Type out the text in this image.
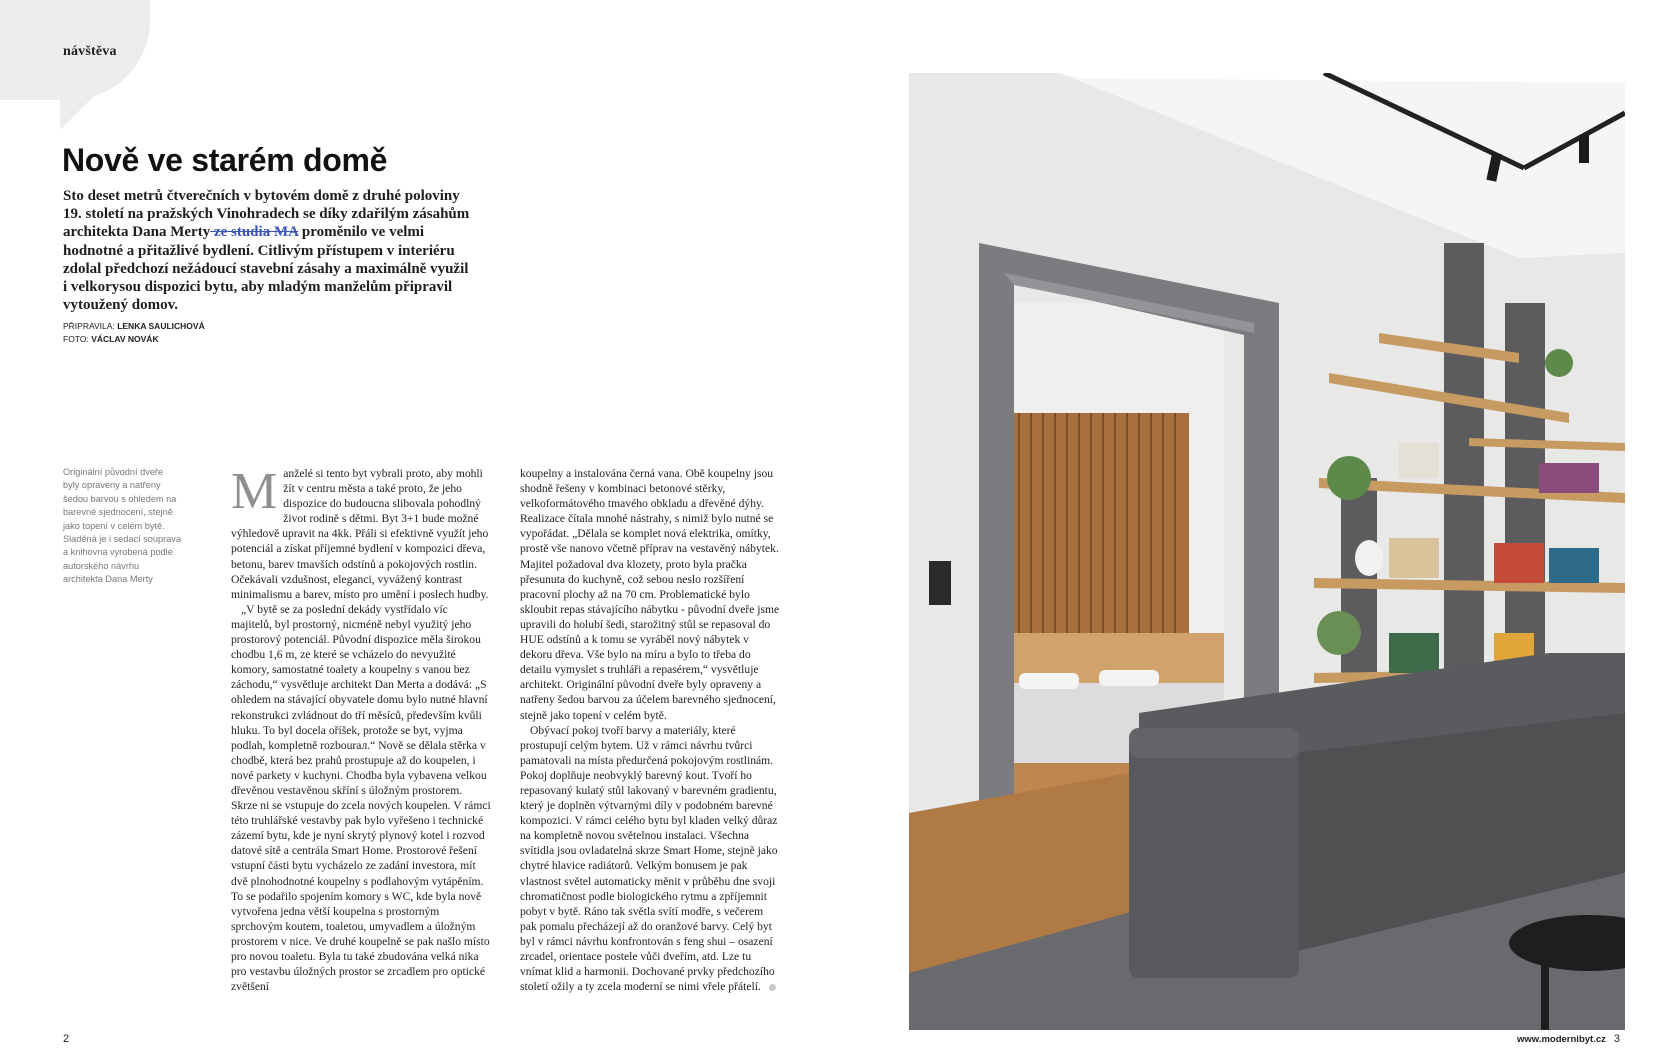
návštěva
Nově ve starém domě

Sto deset metrů čtverečních v bytovém domě z druhé poloviny 19. století na pražských Vinohradech se díky zdařilým zásahům architekta Dana Merty ze studia MA proměnilo ve velmi hodnotné a přitažlivé bydlení. Citlivým přístupem v interiéru zdolal předchozí nežádoucí stavební zásahy a maximálně využil i velkorysou dispozici bytu, aby mladým manželům připravil vytoužený domov.

PŘIPRAVILA: LENKA SAULICHOVÁ
FOTO: VÁCLAV NOVÁK

Originální původní dveře byly opraveny a natřeny šedou barvou s ohledem na barevné sjednocení, stejně jako topení v celém bytě. Sladěná je i sedací souprava a knihovna vyrobená podle autorského návrhu architekta Dana Merty

Manželé si tento byt vybrali proto, aby mohli žít v centru města a také proto, že jeho dispozice do budoucna slibovala pohodlný život rodině s dětmi. Byt 3+1 bude možné výhledově upravit na 4kk. Přáli si efektivně využít jeho potenciál a získat příjemné bydlení v kompozici dřeva, betonu, barev tmavších odstínů a pokojových rostlin. Očekávali vzdušnost, eleganci, vyvážený kontrast minimalismu a barev, místo pro umění i poslech hudby.

„V bytě se za poslední dekády vystřídalo víc majitelů, byl prostorný, nicméně nebyl využitý jeho prostorový potenciál. Původní dispozice měla širokou chodbu 1,6 m, ze které se vcházelo do nevyužité komory, samostatné toalety a koupelny s vanou bez záchodu,“ vysvětluje architekt Dan Merta a dodává: „S ohledem na stávající obyvatele domu bylo nutné hlavní rekonstrukci zvládnout do tří měsíců, především kvůli hluku. To byl docela oříšek, protože se byt, vyjma podlah, kompletně rozbourал.“ Nově se dělala stěrka v chodbě, která bez prahů prostupuje až do koupelen, i nové parkety v kuchyni. Chodba byla vybavena velkou dřevěnou vestavěnou skříní s úložným prostorem. Skrze ni se vstupuje do zcela nových koupelen. V rámci této truhlářské vestavby pak bylo vyřešeno i technické zázemí bytu, kde je nyní skrytý plynový kotel i rozvod datové sítě a centrála Smart Home. Prostorové řešení vstupní části bytu vycházelo ze zadání investora, mít dvě plnohodnotné koupelny s podlahovým vytápěním. To se podařilo spojením komory s WC, kde byla nově vytvořena jedna větší koupelna s prostorným sprchovým koutem, toaletou, umyvadlem a úložným prostorem v nice. Ve druhé koupelně se pak našlo místo pro novou toaletu. Byla tu také zbudována velká nika pro vestavbu úložných prostor se zrcadlem pro optické zvětšení

koupelny a instalována černá vana. Obě koupelny jsou shodně řešeny v kombinaci betonové stěrky, velkoformátového tmavého obkladu a dřevěné dýhy. Realizace čítala mnohé nástrahy, s nimiž bylo nutné se vypořádat. „Dělala se komplet nová elektrika, omítky, prostě vše nanovo včetně příprav na vestavěný nábytek. Majitel požadoval dva klozety, proto byla pračka přesunuta do kuchyně, což sebou neslo rozšíření pracovní plochy až na 70 cm. Problematické bylo skloubit repas stávajícího nábytku - původní dveře jsme upravili do holubí šedi, starožitný stůl se repasoval do HUE odstínů a k tomu se vyráběl nový nábytek v dekoru dřeva. Vše bylo na míru a bylo to třeba do detailu vymyslet s truhláři a repasérem,“ vysvětluje architekt. Originální původní dveře byly opraveny a natřeny šedou barvou za účelem barevného sjednocení, stejně jako topení v celém bytě.

Obývací pokoj tvoří barvy a materiály, které prostupují celým bytem. Už v rámci návrhu tvůrci pamatovali na místa předurčená pokojovým rostlinám. Pokoj doplňuje neobvyklý barevný kout. Tvoří ho repasovaný kulatý stůl lakovaný v barevném gradientu, který je doplněn výtvarnými díly v podobném barevné kompozici. V rámci celého bytu byl kladen velký důraz na kompletně novou světelnou instalaci. Všechna svítidla jsou ovladatelná skrze Smart Home, stejně jako chytré hlavice radiátorů. Velkým bonusem je pak vlastnost světel automaticky měnit v průběhu dne svoji chromatičnost podle biologického rytmu a zpříjemnit pobyt v bytě. Ráno tak světla svítí modře, s večerem pak pomalu přecházejí až do oranžové barvy. Celý byt byl v rámci návrhu konfrontován s feng shui – osazení zrcadel, orientace postele vůči dveřím, atd. Lze tu vnímat klid a harmonii. Dochované prvky předchozího století ožily a ty zcela moderní se nimi vřele přátelí.

2	www.modernibyt.cz 3
